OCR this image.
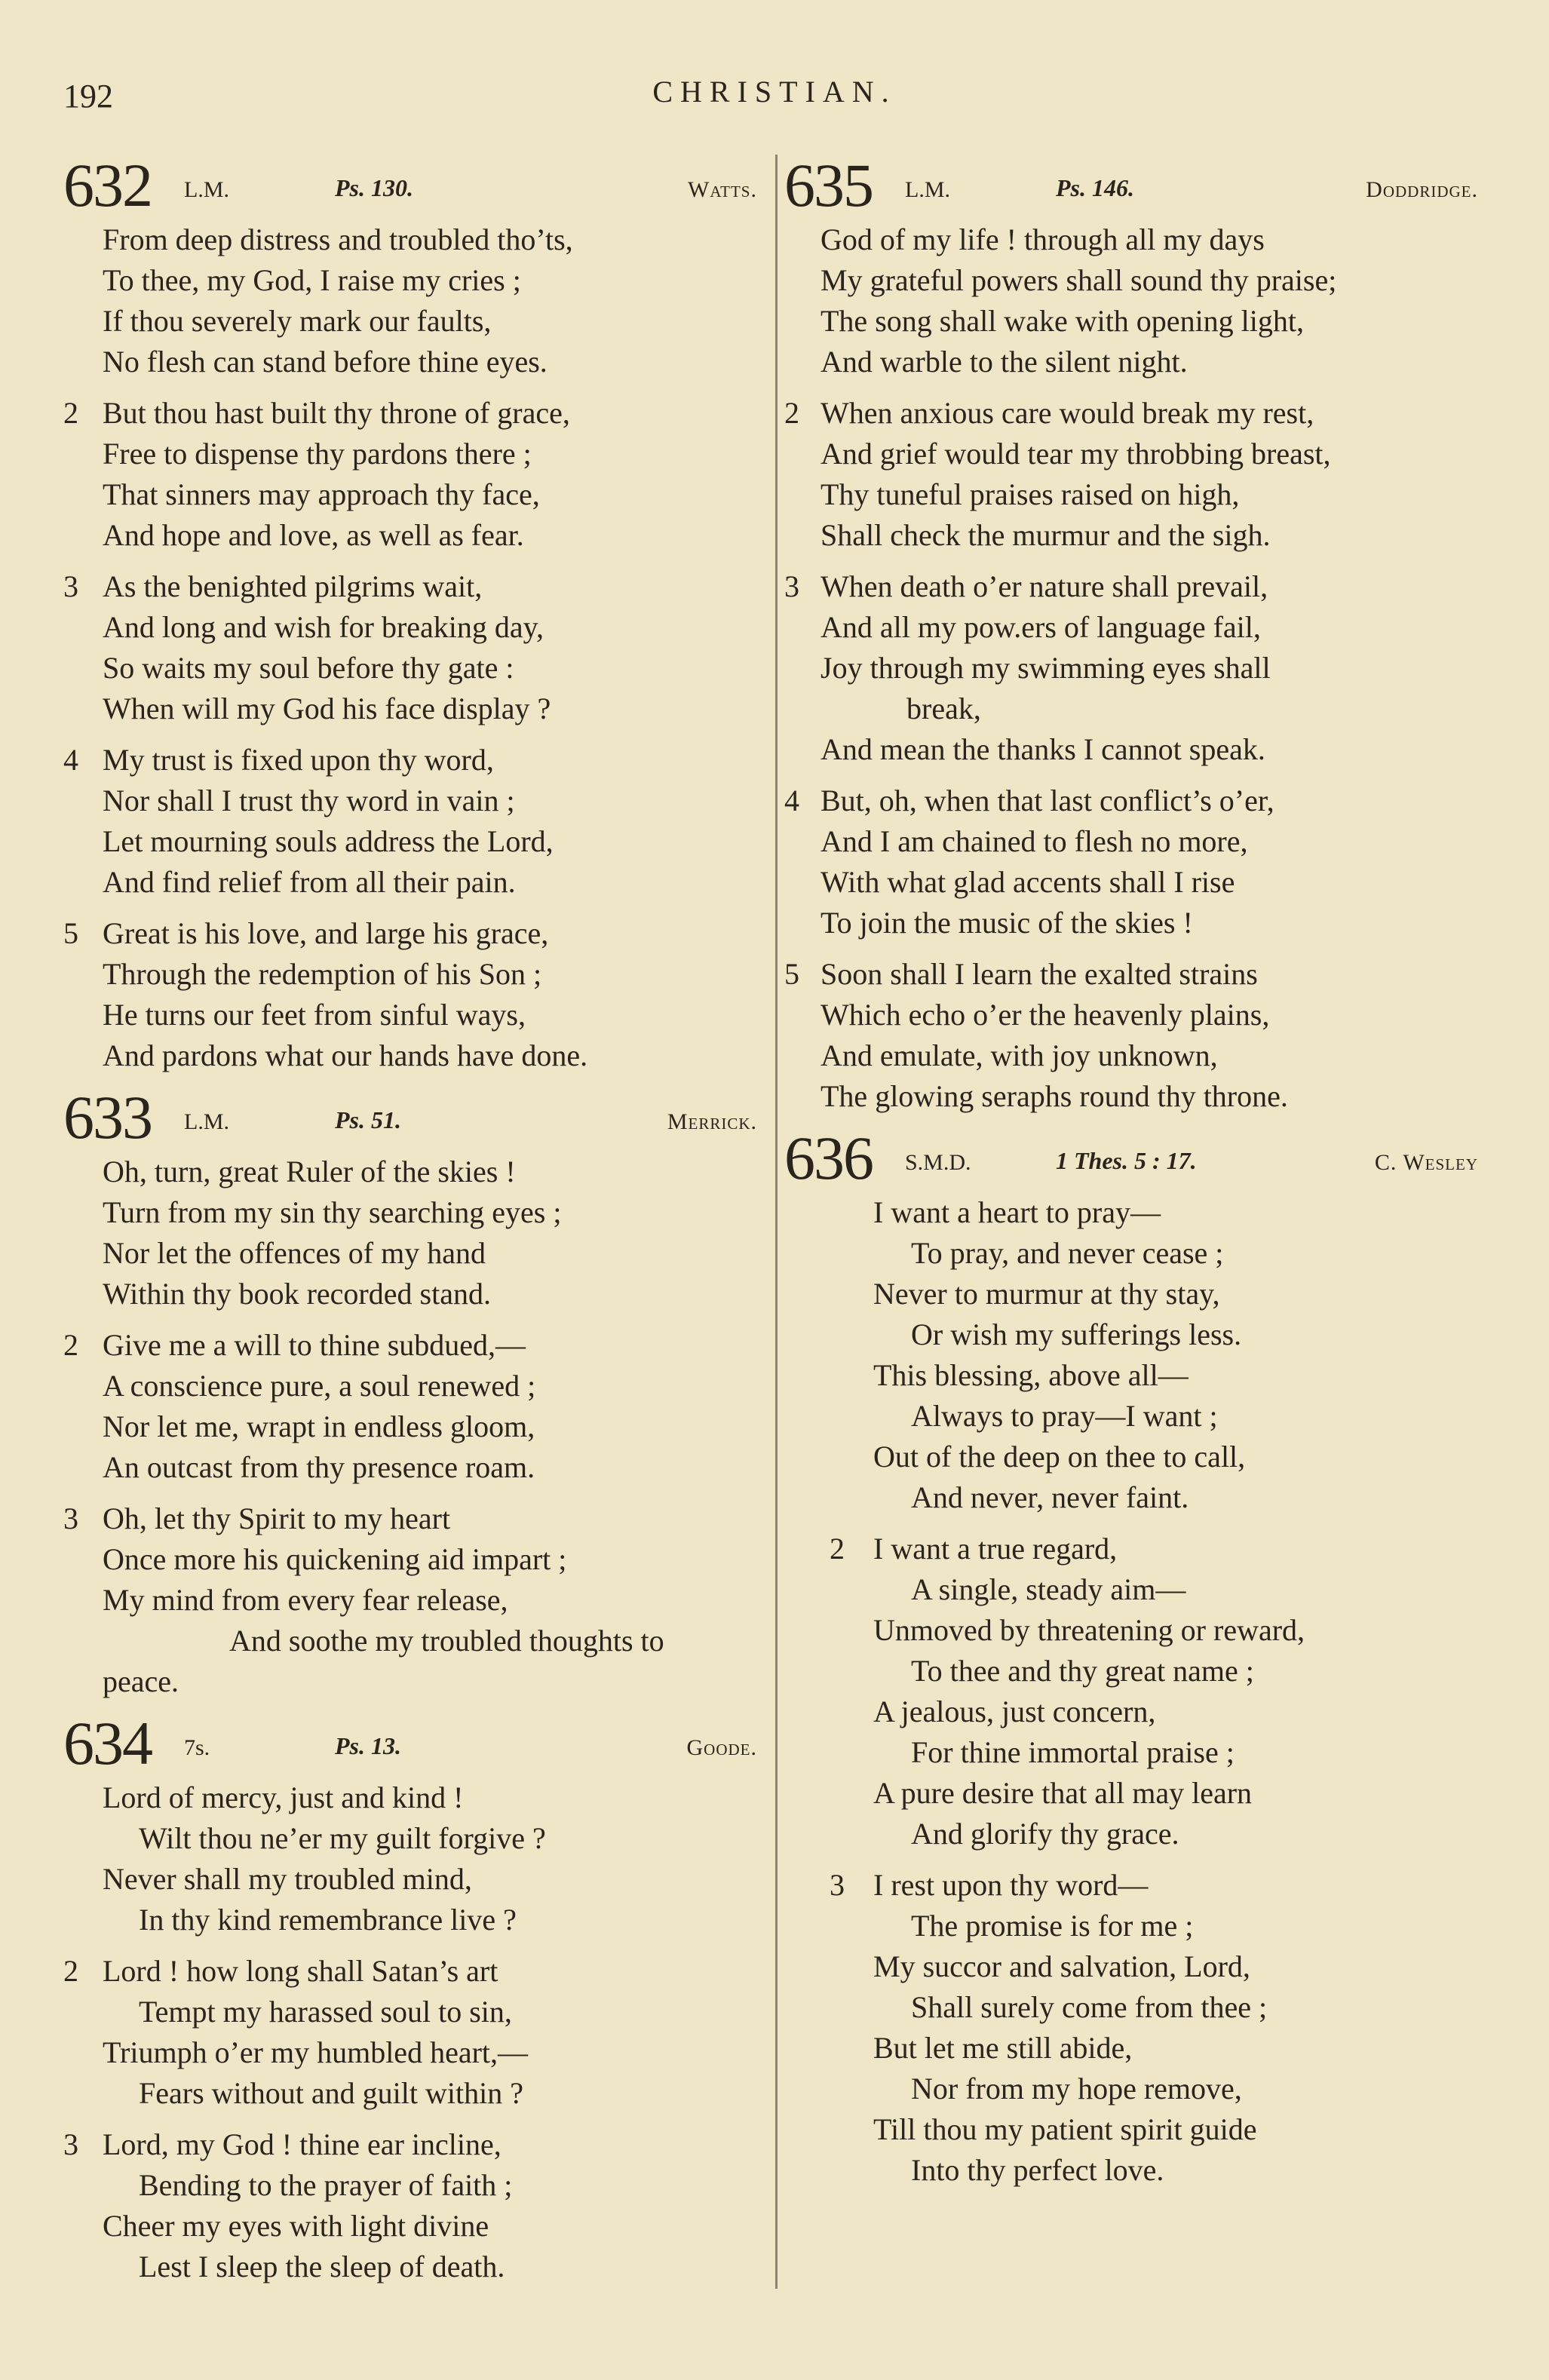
192	CHRISTIAN.
632 L.M.	Ps. 130.	Watts.
From deep distress and troubled tho’ts,
To thee, my God, I raise my cries ;
If thou severely mark our faults,
No flesh can stand before thine eyes.
2 But thou hast built thy throne of grace,
Free to dispense thy pardons there ;
That sinners may approach thy face,
And hope and love, as well as fear.
3 As the benighted pilgrims wait,
And long and wish for breaking day,
So waits my soul before thy gate :
When will my God his face display ?
4 My trust is fixed upon thy word,
Nor shall I trust thy word in vain ;
Let mourning souls address the Lord,
And find relief from all their pain.
5 Great is his love, and large his grace,
Through the redemption of his Son ;
He turns our feet from sinful ways,
And pardons what our hands have done.
633 L.M.	Ps. 51.	Merrick.
Oh, turn, great Ruler of the skies !
Turn from my sin thy searching eyes ;
Nor let the offences of my hand
Within thy book recorded stand.
2 Give me a will to thine subdued,—
A conscience pure, a soul renewed ;
Nor let me, wrapt in endless gloom,
An outcast from thy presence roam.
3 Oh, let thy Spirit to my heart
Once more his quickening aid impart ;
My mind from every fear release,
And soothe my troubled thoughts to
peace.
634 7s.	Ps. 13.	Goode.
Lord of mercy, just and kind !
Wilt thou ne’er my guilt forgive ?
Never shall my troubled mind,
In thy kind remembrance live ?
2 Lord ! how long shall Satan’s art
Tempt my harassed soul to sin,
Triumph o’er my humbled heart,—
Fears without and guilt within ?
3 Lord, my God ! thine ear incline,
Bending to the prayer of faith ;
Cheer my eyes with light divine
Lest I sleep the sleep of death.
635 L.M.	Ps. 146.	Doddridge.
God of my life ! through all my days
My grateful powers shall sound thy praise;
The song shall wake with opening light,
And warble to the silent night.
2 When anxious care would break my rest,
And grief would tear my throbbing breast,
Thy tuneful praises raised on high,
Shall check the murmur and the sigh.
3 When death o’er nature shall prevail,
And all my pow.ers of language fail,
Joy through my swimming eyes shall
break,
And mean the thanks I cannot speak.
4 But, oh, when that last conflict’s o’er,
And I am chained to flesh no more,
With what glad accents shall I rise
To join the music of the skies !
5 Soon shall I learn the exalted strains
Which echo o’er the heavenly plains,
And emulate, with joy unknown,
The glowing seraphs round thy throne.
636 S.M.D.	1 Thes. 5 : 17.	C. Wesley
I want a heart to pray—
To pray, and never cease ;
Never to murmur at thy stay,
Or wish my sufferings less.
This blessing, above all—
Always to pray—I want ;
Out of the deep on thee to call,
And never, never faint.
2 I want a true regard,
A single, steady aim—
Unmoved by threatening or reward,
To thee and thy great name ;
A jealous, just concern,
For thine immortal praise ;
A pure desire that all may learn
And glorify thy grace.
3 I rest upon thy word—
The promise is for me ;
My succor and salvation, Lord,
Shall surely come from thee ;
But let me still abide,
Nor from my hope remove,
Till thou my patient spirit guide
Into thy perfect love.
